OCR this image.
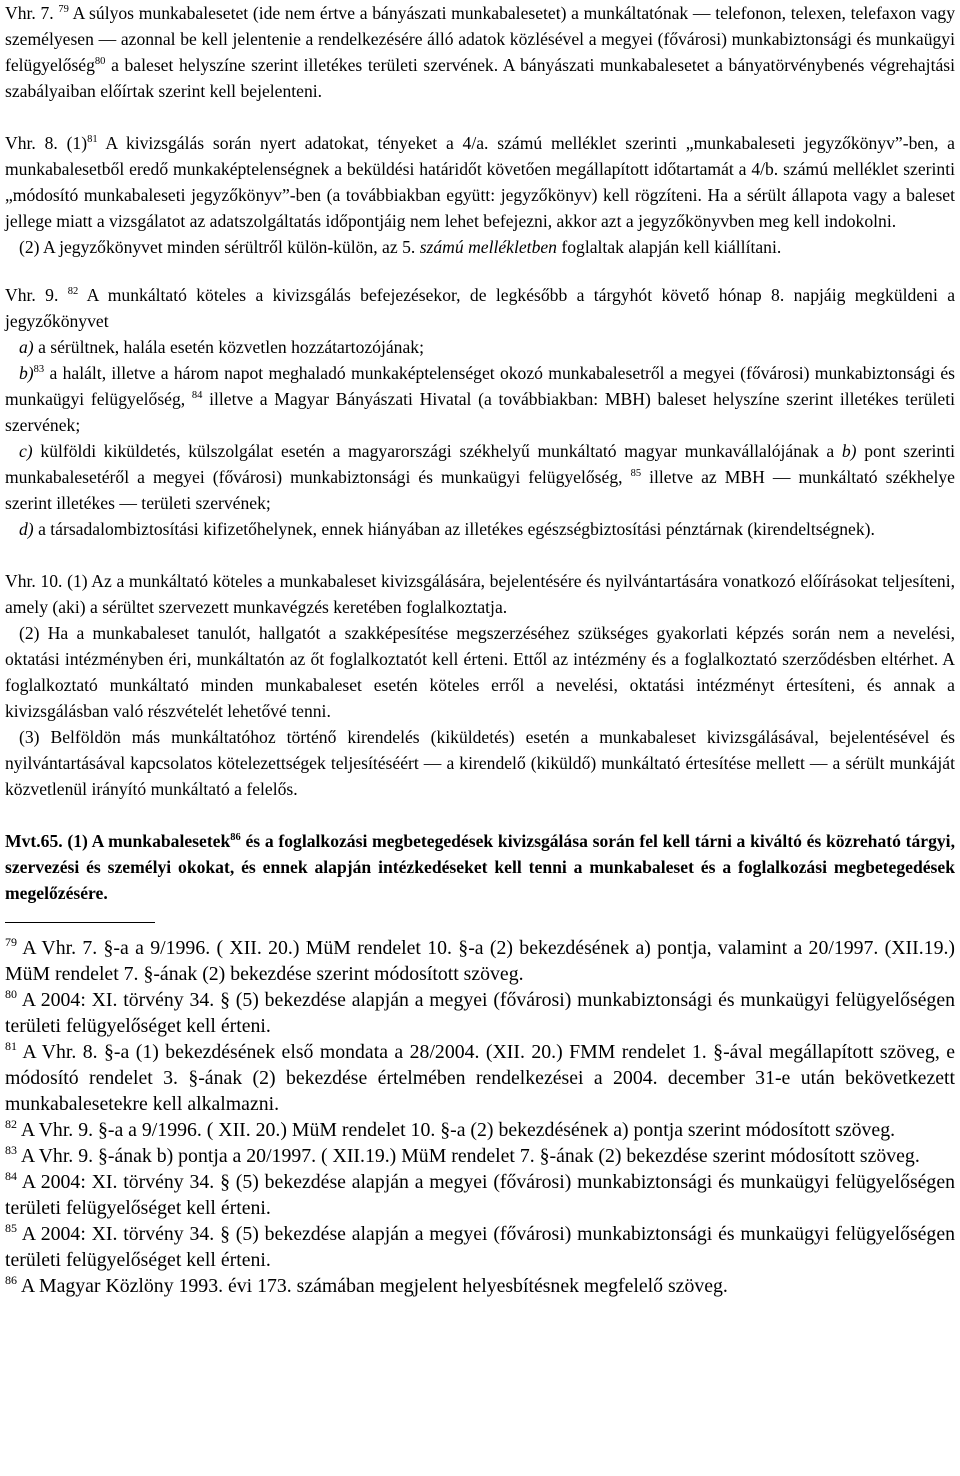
Vhr. 7. $^{79}$ A súlyos munkabalesetet (ide nem értve a bányászati munkabalesetet) a munkáltatónak — telefonon, telexen, telefaxon vagy személyesen — azonnal be kell jelentenie a rendelkezésére álló adatok közlésével a megyei (fővárosi) munkabiztonsági és munkaügyi felügyelőség$^{80}$ a baleset helyszíne szerint illetékes területi szervének. A bányászati munkabalesetet a bányatörvénybenés végrehajtási szabályaiban előírtak szerint kell bejelenteni.

Vhr. 8. $(1)^{81}$ A kivizsgálás során nyert adatokat, tényeket a 4/a. számú melléklet szerinti „munkabaleseti jegyzőkönyv”-ben, a munkabalesetből eredő munkaképtelenségnek a beküldési határidőt követően megállapított időtartamát a 4/b. számú melléklet szerinti „módosító munkabaleseti jegyzőkönyv”-ben (a továbbiakban együtt: jegyzőkönyv) kell rögzíteni. Ha a sérült állapota vagy a baleset jellege miatt a vizsgálatot az adatszolgáltatás időpontjáig nem lehet befejezni, akkor azt a jegyzőkönyvben meg kell indokolni.

(2) A jegyzőkönyvet minden sérültről külön-külön, az 5. számú mellékletben foglaltak alapján kell kiállítani.

Vhr. 9. $^{82}$ A munkáltató köteles a kivizsgálás befejezésekor, de legkésőbb a tárgyhót követő hónap 8. napjáig megküldeni a jegyzőkönyvet

a) a sérültnek, halála esetén közvetlen hozzátartozójának;

b)$^{83}$ a halált, illetve a három napot meghaladó munkaképtelenséget okozó munkabalesetről a megyei (fővárosi) munkabiztonsági és munkaügyi felügyelőség, $^{84}$ illetve a Magyar Bányászati Hivatal (a továbbiakban: MBH) baleset helyszíne szerint illetékes területi szervének;

c) külföldi kiküldetés, külszolgálat esetén a magyarországi székhelyű munkáltató magyar munkavállalójának a b) pont szerinti munkabalesetéről a megyei (fővárosi) munkabiztonsági és munkaügyi felügyelőség, $^{85}$ illetve az MBH — munkáltató székhelye szerint illetékes — területi szervének;

d) a társadalombiztosítási kifizetőhelynek, ennek hiányában az illetékes egészségbiztosítási pénztárnak (kirendeltségnek).

Vhr. 10. (1) Az a munkáltató köteles a munkabaleset kivizsgálására, bejelentésére és nyilvántartására vonatkozó előírásokat teljesíteni, amely (aki) a sérültet szervezett munkavégzés keretében foglalkoztatja.

(2) Ha a munkabaleset tanulót, hallgatót a szakképesítése megszerzéséhez szükséges gyakorlati képzés során nem a nevelési, oktatási intézményben éri, munkáltatón az őt foglalkoztatót kell érteni. Ettől az intézmény és a foglalkoztató szerződésben eltérhet. A foglalkoztató munkáltató minden munkabaleset esetén köteles erről a nevelési, oktatási intézményt értesíteni, és annak a kivizsgálásban való részvételét lehetővé tenni.

(3) Belföldön más munkáltatóhoz történő kirendelés (kiküldetés) esetén a munkabaleset kivizsgálásával, bejelentésével és nyilvántartásával kapcsolatos kötelezettségek teljesítéséért — a kirendelő (kiküldő) munkáltató értesítése mellett — a sérült munkáját közvetlenül irányító munkáltató a felelős.

Mvt.65. (1) A munkabalesetek$^{86}$ és a foglalkozási megbetegedések kivizsgálása során fel kell tárni a kiváltó és közreható tárgyi, szervezési és személyi okokat, és ennek alapján intézkedéseket kell tenni a munkabaleset és a foglalkozási megbetegedések megelőzésére.

$^{79}$ A Vhr. 7. §-a a 9/1996. ( XII. 20.) MüM rendelet 10. §-a (2) bekezdésének a) pontja, valamint a 20/1997. (XII.19.) MüM rendelet 7. §-ának (2) bekezdése szerint módosított szöveg.

$^{80}$ A 2004: XI. törvény 34. § (5) bekezdése alapján a megyei (fővárosi) munkabiztonsági és munkaügyi felügyelőségen területi felügyelőséget kell érteni.

$^{81}$ A Vhr. 8. §-a (1) bekezdésének első mondata a 28/2004. (XII. 20.) FMM rendelet 1. §-ával megállapított szöveg, e módosító rendelet 3. §-ának (2) bekezdése értelmében rendelkezései a 2004. december 31-e után bekövetkezett munkabalesetekre kell alkalmazni.

$^{82}$ A Vhr. 9. §-a a 9/1996. ( XII. 20.) MüM rendelet 10. §-a (2) bekezdésének a) pontja szerint módosított szöveg.

$^{83}$ A Vhr. 9. §-ának b) pontja a 20/1997. ( XII.19.) MüM rendelet 7. §-ának (2) bekezdése szerint módosított szöveg.

$^{84}$ A 2004: XI. törvény 34. § (5) bekezdése alapján a megyei (fővárosi) munkabiztonsági és munkaügyi felügyelőségen területi felügyelőséget kell érteni.

$^{85}$ A 2004: XI. törvény 34. § (5) bekezdése alapján a megyei (fővárosi) munkabiztonsági és munkaügyi felügyelőségen területi felügyelőséget kell érteni.

$^{86}$ A Magyar Közlöny 1993. évi 173. számában megjelent helyesbítésnek megfelelő szöveg.
